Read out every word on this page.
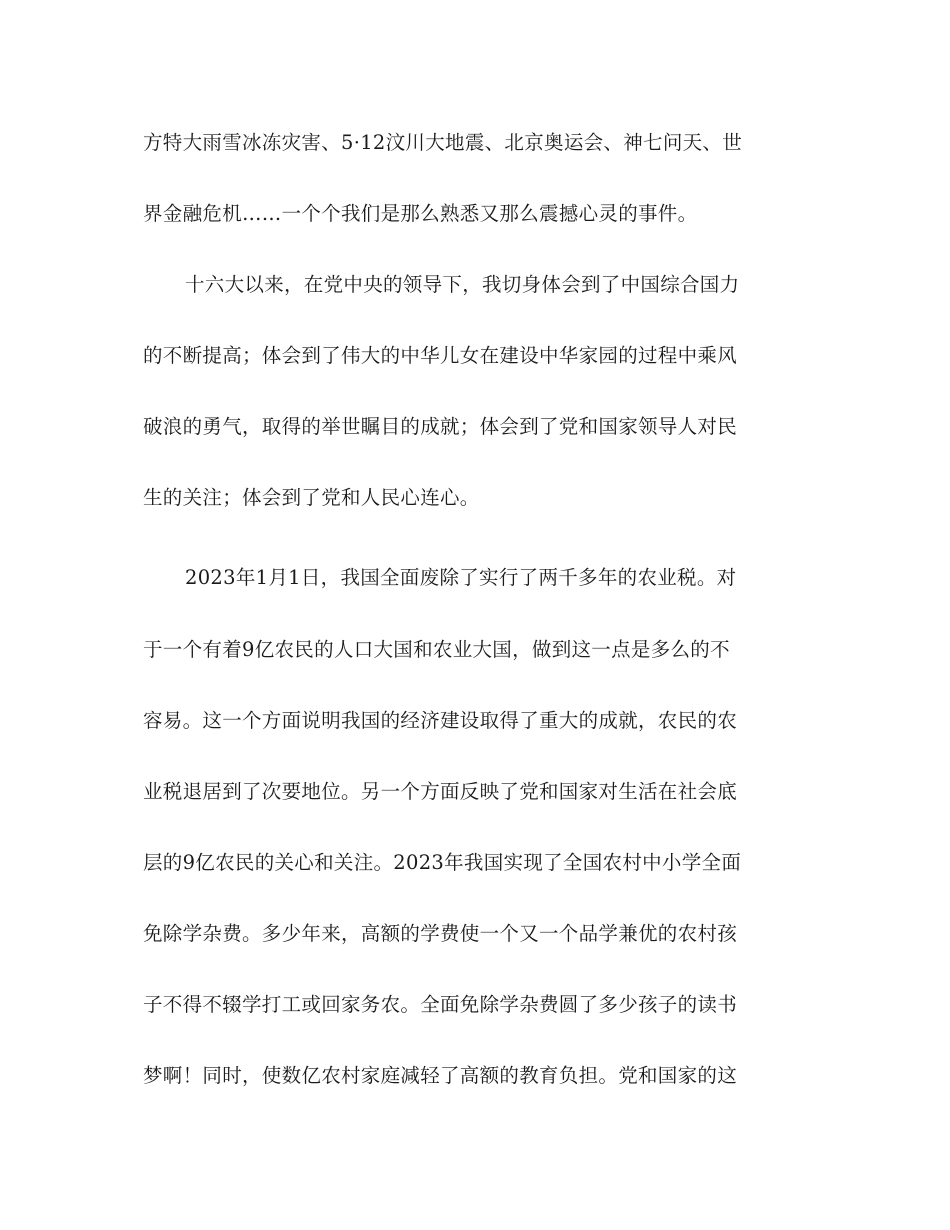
方特大雨雪冰冻灾害、5·12汶川大地震、北京奥运会、神七问天、世
界金融危机……一个个我们是那么熟悉又那么震撼心灵的事件。
十六大以来，在党中央的领导下，我切身体会到了中国综合国力
的不断提高；体会到了伟大的中华儿女在建设中华家园的过程中乘风
破浪的勇气，取得的举世瞩目的成就；体会到了党和国家领导人对民
生的关注；体会到了党和人民心连心。
2023年1月1日，我国全面废除了实行了两千多年的农业税。对
于一个有着9亿农民的人口大国和农业大国，做到这一点是多么的不
容易。这一个方面说明我国的经济建设取得了重大的成就，农民的农
业税退居到了次要地位。另一个方面反映了党和国家对生活在社会底
层的9亿农民的关心和关注。2023年我国实现了全国农村中小学全面
免除学杂费。多少年来，高额的学费使一个又一个品学兼优的农村孩
子不得不辍学打工或回家务农。全面免除学杂费圆了多少孩子的读书
梦啊！同时，使数亿农村家庭减轻了高额的教育负担。党和国家的这
